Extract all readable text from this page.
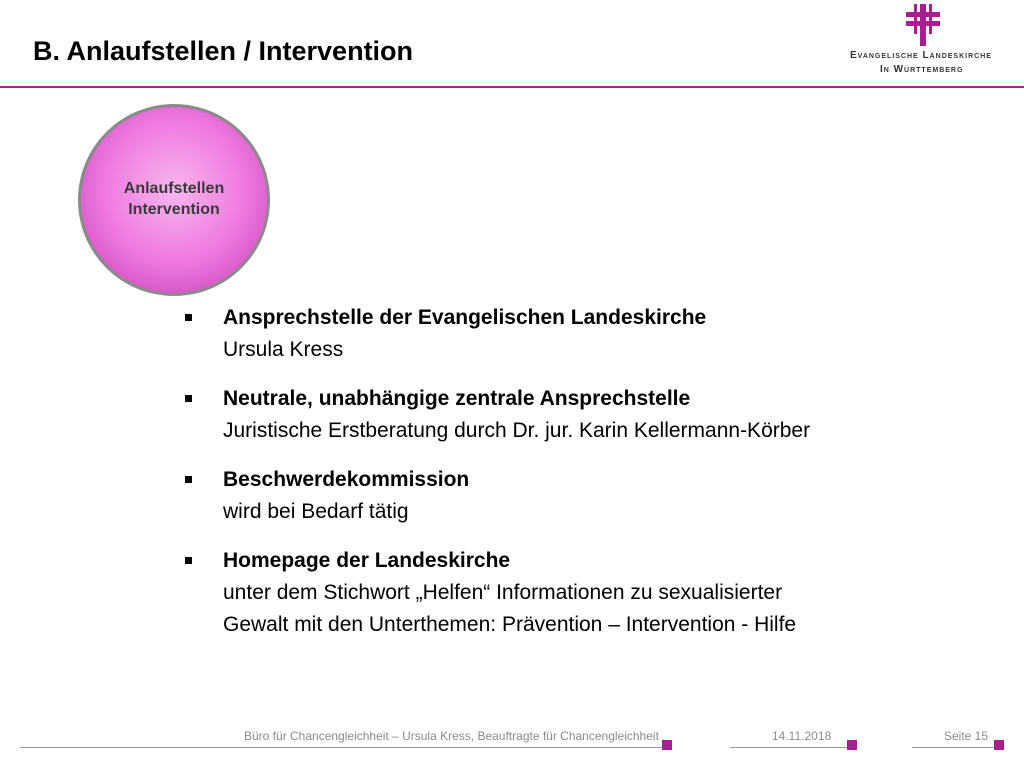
B. Anlaufstellen / Intervention	Evangelische Landeskirche
In Württemberg
Anlaufstellen
Intervention
Ansprechstelle der Evangelischen Landeskirche
Ursula Kress
Neutrale, unabhängige zentrale Ansprechstelle
Juristische Erstberatung durch Dr. jur. Karin Kellermann-Körber
Beschwerdekommission
wird bei Bedarf tätig
Homepage der Landeskirche
unter dem Stichwort „Helfen“ Informationen zu sexualisierter
Gewalt mit den Unterthemen: Prävention – Intervention - Hilfe
Büro für Chancengleichheit – Ursula Kress, Beauftragte für Chancengleichheit	14.11.2018	Seite 15
